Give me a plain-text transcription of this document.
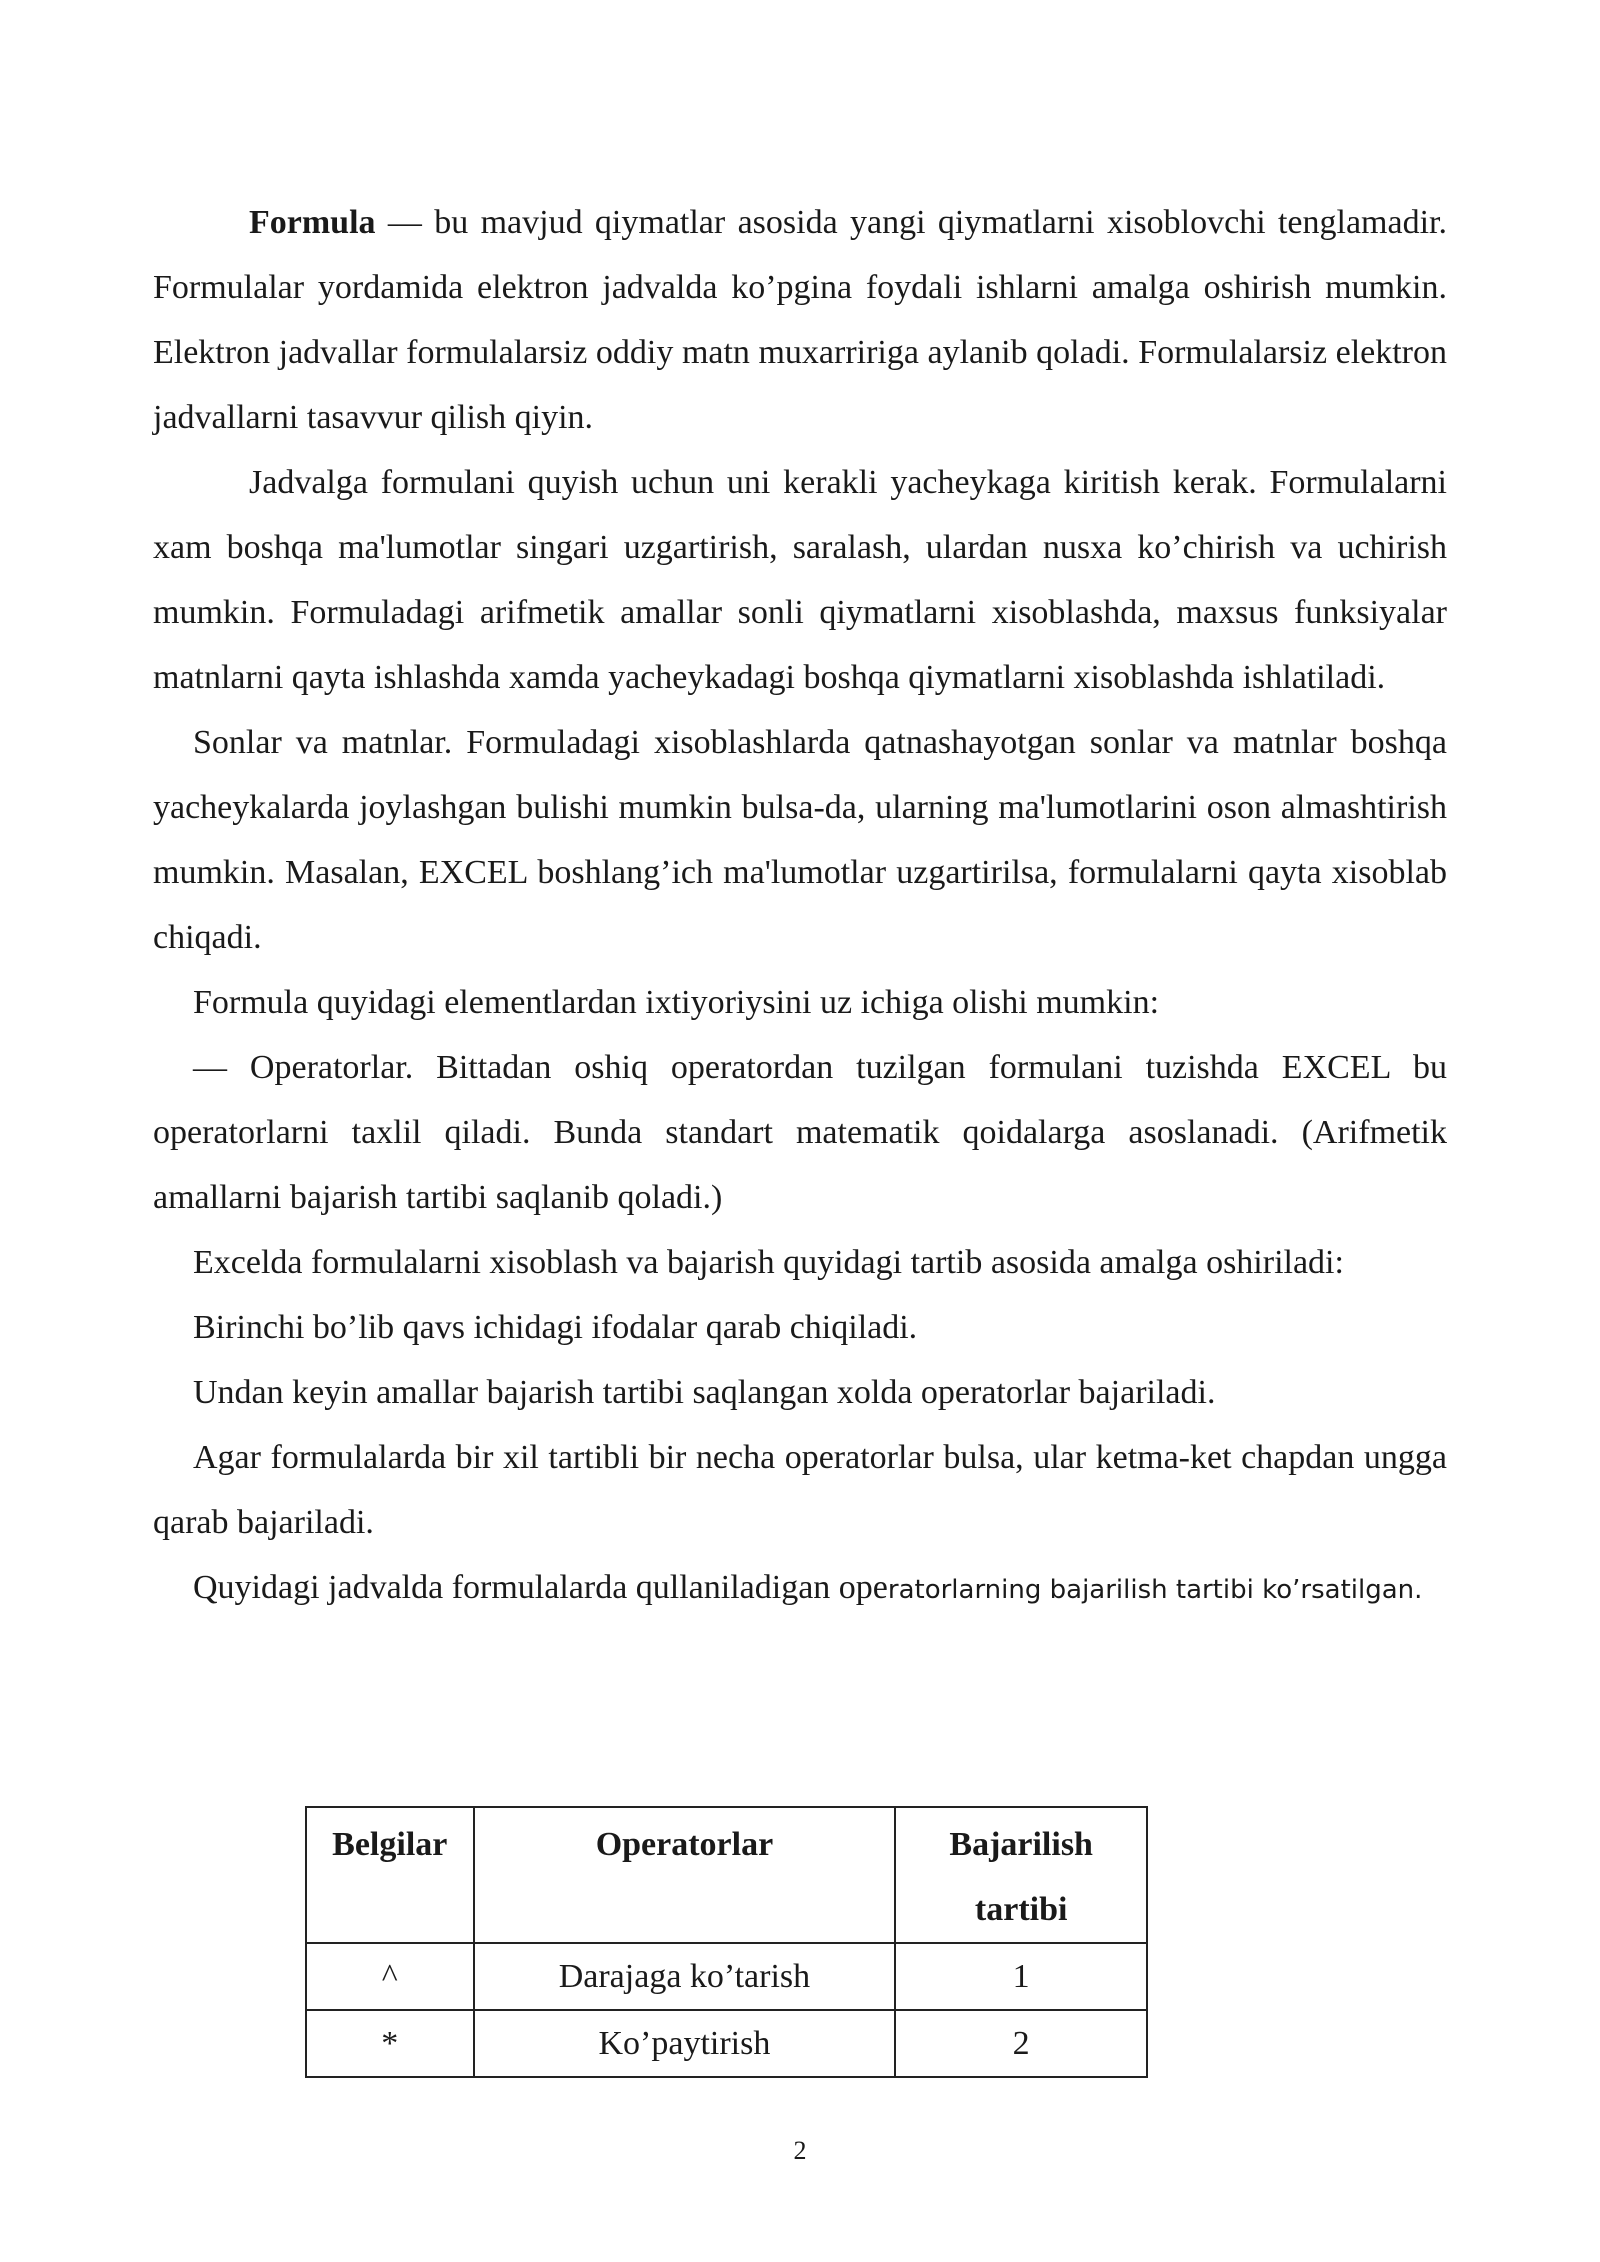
Formula — bu mavjud qiymatlar asosida yangi qiymatlarni xisoblovchi tenglamadir. Formulalar yordamida elektron jadvalda ko’pgina foydali ishlarni amalga oshirish mumkin. Elektron jadvallar formulalarsiz oddiy matn muxarririga aylanib qoladi. Formulalarsiz elektron jadvallarni tasavvur qilish qiyin.

Jadvalga formulani quyish uchun uni kerakli yacheykaga kiritish kerak. Formulalarni xam boshqa ma'lumotlar singari uzgartirish, saralash, ulardan nusxa ko’chirish va uchirish mumkin. Formuladagi arifmetik amallar sonli qiymatlarni xisoblashda, maxsus funksiyalar matnlarni qayta ishlashda xamda yacheykadagi boshqa qiymatlarni xisoblashda ishlatiladi.

Sonlar va matnlar. Formuladagi xisoblashlarda qatnashayotgan sonlar va matnlar boshqa yacheykalarda joylashgan bulishi mumkin bulsa-da, ularning ma'lumotlarini oson almashtirish mumkin. Masalan, EXCEL boshlang’ich ma'lumotlar uzgartirilsa, formulalarni qayta xisoblab chiqadi.

Formula quyidagi elementlardan ixtiyoriysini uz ichiga olishi mumkin:

— Operatorlar. Bittadan oshiq operatordan tuzilgan formulani tuzishda EXCEL bu operatorlarni taxlil qiladi. Bunda standart matematik qoidalarga asoslanadi. (Arifmetik amallarni bajarish tartibi saqlanib qoladi.)

Excelda formulalarni xisoblash va bajarish quyidagi tartib asosida amalga oshiriladi:

Birinchi bo’lib qavs ichidagi ifodalar qarab chiqiladi.

Undan keyin amallar bajarish tartibi saqlangan xolda operatorlar bajariladi.

Agar formulalarda bir xil tartibli bir necha operatorlar bulsa, ular ketma-ket chapdan ungga qarab bajariladi.

Quyidagi jadvalda formulalarda qullaniladigan operatorlarning bajarilish tartibi ko’rsatilgan.

Belgilar	Operatorlar	Bajarilish tartibi
^	Darajaga ko’tarish	1
*	Ko’paytirish	2
2
